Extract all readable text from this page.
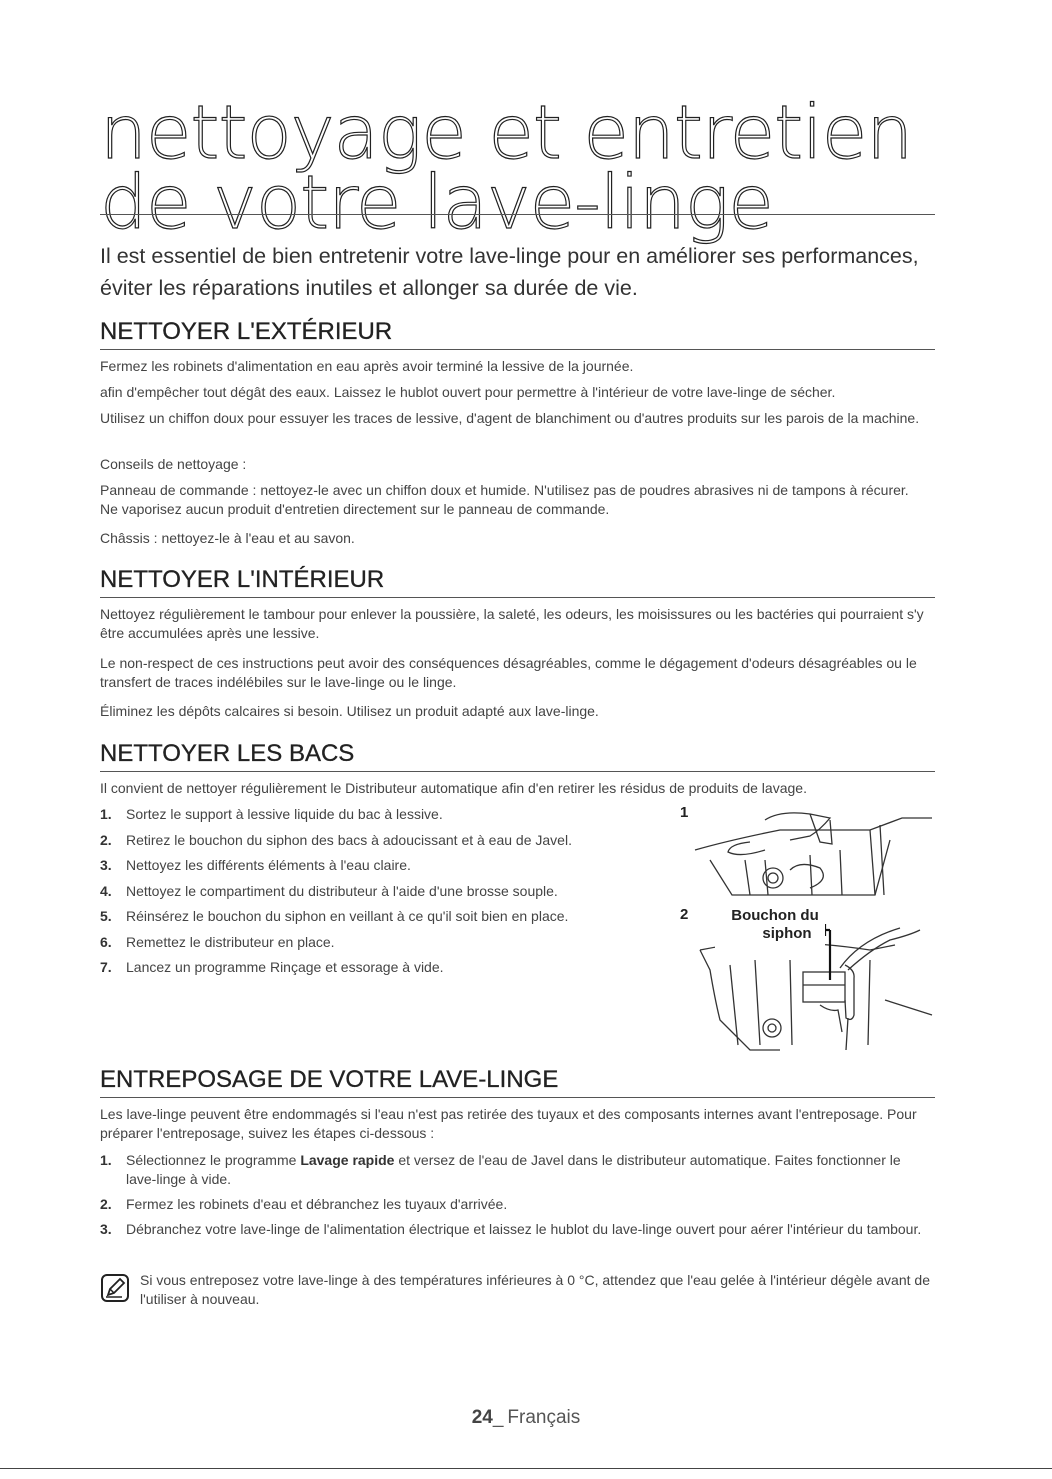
nettoyage et entretien de votre lave-linge

Il est essentiel de bien entretenir votre lave-linge pour en améliorer ses performances, éviter les réparations inutiles et allonger sa durée de vie.

NETTOYER L'EXTÉRIEUR

Fermez les robinets d'alimentation en eau après avoir terminé la lessive de la journée.

afin d'empêcher tout dégât des eaux. Laissez le hublot ouvert pour permettre à l'intérieur de votre lave-linge de sécher.

Utilisez un chiffon doux pour essuyer les traces de lessive, d'agent de blanchiment ou d'autres produits sur les parois de la machine.

Conseils de nettoyage :

Panneau de commande : nettoyez-le avec un chiffon doux et humide. N'utilisez pas de poudres abrasives ni de tampons à récurer. Ne vaporisez aucun produit d'entretien directement sur le panneau de commande.

Châssis : nettoyez-le à l'eau et au savon.

NETTOYER L'INTÉRIEUR

Nettoyez régulièrement le tambour pour enlever la poussière, la saleté, les odeurs, les moisissures ou les bactéries qui pourraient s'y être accumulées après une lessive.

Le non-respect de ces instructions peut avoir des conséquences désagréables, comme le dégagement d'odeurs désagréables ou le transfert de traces indélébiles sur le lave-linge ou le linge.

Éliminez les dépôts calcaires si besoin. Utilisez un produit adapté aux lave-linge.

NETTOYER LES BACS

Il convient de nettoyer régulièrement le Distributeur automatique afin d'en retirer les résidus de produits de lavage.

1. Sortez le support à lessive liquide du bac à lessive.
2. Retirez le bouchon du siphon des bacs à adoucissant et à eau de Javel.
3. Nettoyez les différents éléments à l'eau claire.
4. Nettoyez le compartiment du distributeur à l'aide d'une brosse souple.
5. Réinsérez le bouchon du siphon en veillant à ce qu'il soit bien en place.
6. Remettez le distributeur en place.
7. Lancez un programme Rinçage et essorage à vide.
1
2	Bouchon du
siphon
ENTREPOSAGE DE VOTRE LAVE-LINGE

Les lave-linge peuvent être endommagés si l'eau n'est pas retirée des tuyaux et des composants internes avant l'entreposage. Pour préparer l'entreposage, suivez les étapes ci-dessous :

1. Sélectionnez le programme Lavage rapide et versez de l'eau de Javel dans le distributeur automatique. Faites fonctionner le lave-linge à vide.
2. Fermez les robinets d'eau et débranchez les tuyaux d'arrivée.
3. Débranchez votre lave-linge de l'alimentation électrique et laissez le hublot du lave-linge ouvert pour aérer l'intérieur du tambour.

Si vous entreposez votre lave-linge à des températures inférieures à 0 °C, attendez que l'eau gelée à l'intérieur dégèle avant de l'utiliser à nouveau.

24_ Français
